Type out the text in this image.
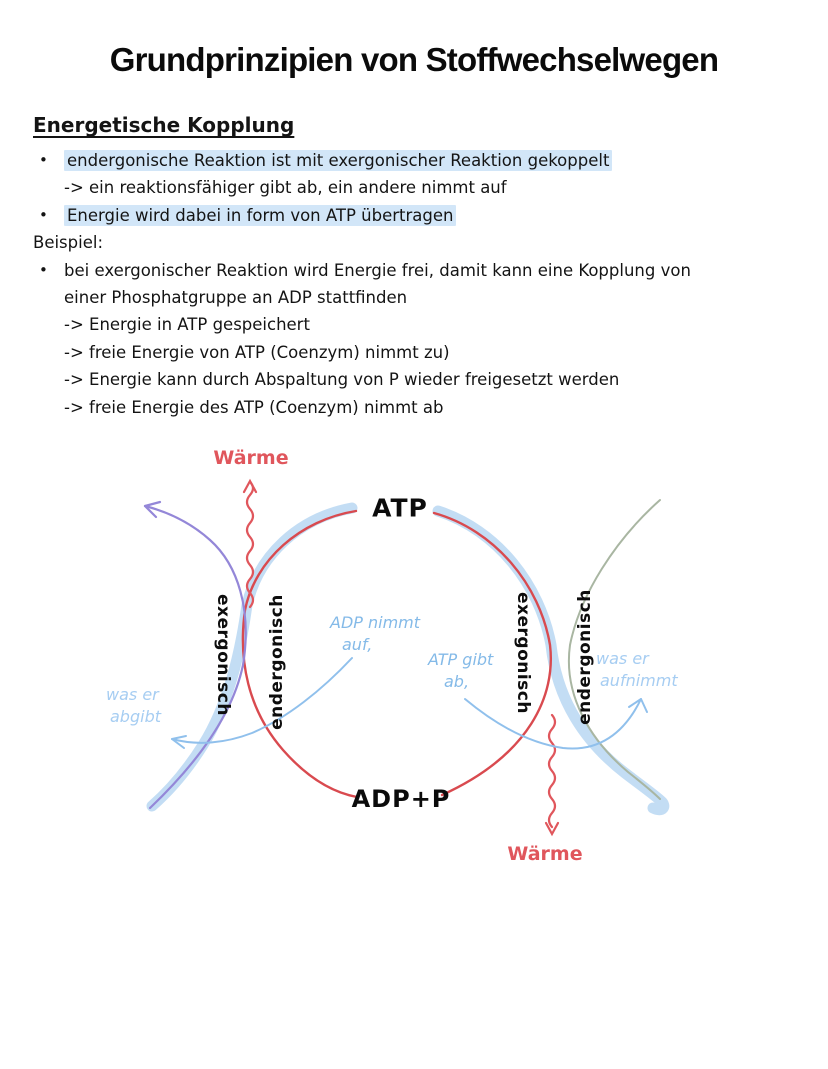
Grundprinzipien von Stoffwechselwegen
Energetische Kopplung
• endergonische Reaktion ist mit exergonischer Reaktion gekoppelt
-> ein reaktionsfähiger gibt ab, ein andere nimmt auf
• Energie wird dabei in form von ATP übertragen
Beispiel:
• bei exergonischer Reaktion wird Energie frei, damit kann eine Kopplung von
einer Phosphatgruppe an ADP stattfinden
-> Energie in ATP gespeichert
-> freie Energie von ATP (Coenzym) nimmt zu)
-> Energie kann durch Abspaltung von P wieder freigesetzt werden
-> freie Energie des ATP (Coenzym) nimmt ab
Wärme
ATP
ADP+P
exergonisch endergonisch	exergonisch endergonisch
ADP nimmt
auf,
ATP gibt
ab,
was er
abgibt
was er
aufnimmt
Wärme
